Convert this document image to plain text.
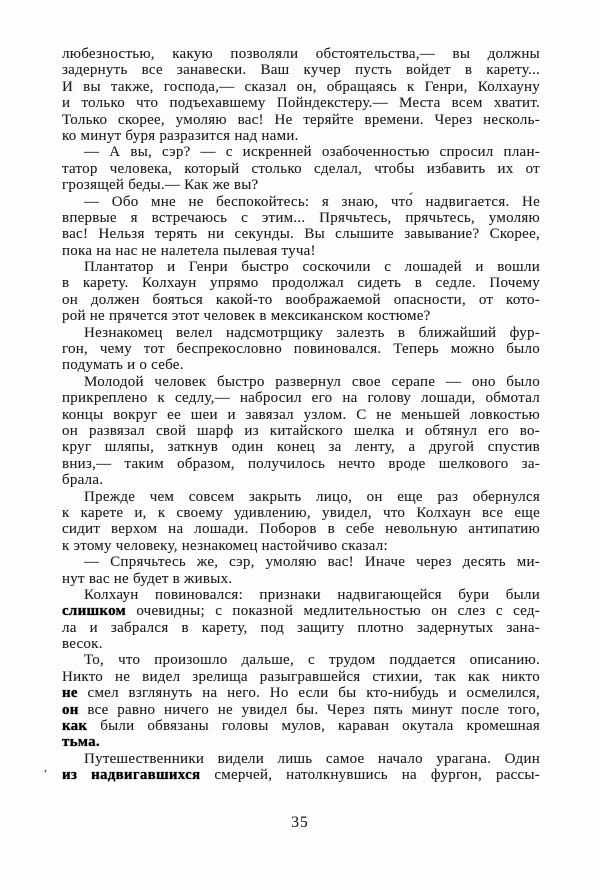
любезностью, какую позволяли обстоятельства,— вы должны
задернуть все занавески. Ваш кучер пусть войдет в карету...
И вы также, господа,— сказал он, обращаясь к Генри, Колхауну
и только что подъехавшему Пойндекстеру.— Места всем хватит.
Только скорее, умоляю вас! Не теряйте времени. Через несколь-
ко минут буря разразится над нами.
— А вы, сэр? — с искренней озабоченностью спросил план-
татор человека, который столько сделал, чтобы избавить их от
грозящей беды.— Как же вы?
— Обо мне не беспокойтесь: я знаю, что́ надвигается. Не
впервые я встречаюсь с этим... Прячьтесь, прячьтесь, умоляю
вас! Нельзя терять ни секунды. Вы слышите завывание? Скорее,
пока на нас не налетела пылевая туча!
Плантатор и Генри быстро соскочили с лошадей и вошли
в карету. Колхаун упрямо продолжал сидеть в седле. Почему
он должен бояться какой-то воображаемой опасности, от кото-
рой не прячется этот человек в мексиканском костюме?
Незнакомец велел надсмотрщику залезть в ближайший фур-
гон, чему тот беспрекословно повиновался. Теперь можно было
подумать и о себе.
Молодой человек быстро развернул свое серапе — оно было
прикреплено к седлу,— набросил его на голову лошади, обмотал
концы вокруг ее шеи и завязал узлом. С не меньшей ловкостью
он развязал свой шарф из китайского шелка и обтянул его во-
круг шляпы, заткнув один конец за ленту, а другой спустив
вниз,— таким образом, получилось нечто вроде шелкового за-
брала.
Прежде чем совсем закрыть лицо, он еще раз обернулся
к карете и, к своему удивлению, увидел, что Колхаун все еще
сидит верхом на лошади. Поборов в себе невольную антипатию
к этому человеку, незнакомец настойчиво сказал:
— Спрячьтесь же, сэр, умоляю вас! Иначе через десять ми-
нут вас не будет в живых.
Колхаун повиновался: признаки надвигающейся бури были
слишком очевидны; с показной медлительностью он слез с сед-
ла и забрался в карету, под защиту плотно задернутых зана-
весок.
То, что произошло дальше, с трудом поддается описанию.
Никто не видел зрелища разыгравшейся стихии, так как никто
не смел взглянуть на него. Но если бы кто-нибудь и осмелился,
он все равно ничего не увидел бы. Через пять минут после того,
как были обвязаны головы мулов, караван окутала кромешная
тьма.
Путешественники видели лишь самое начало урагана. Один
из надвигавшихся смерчей, натолкнувшись на фургон, рассы-
ʹ
35
